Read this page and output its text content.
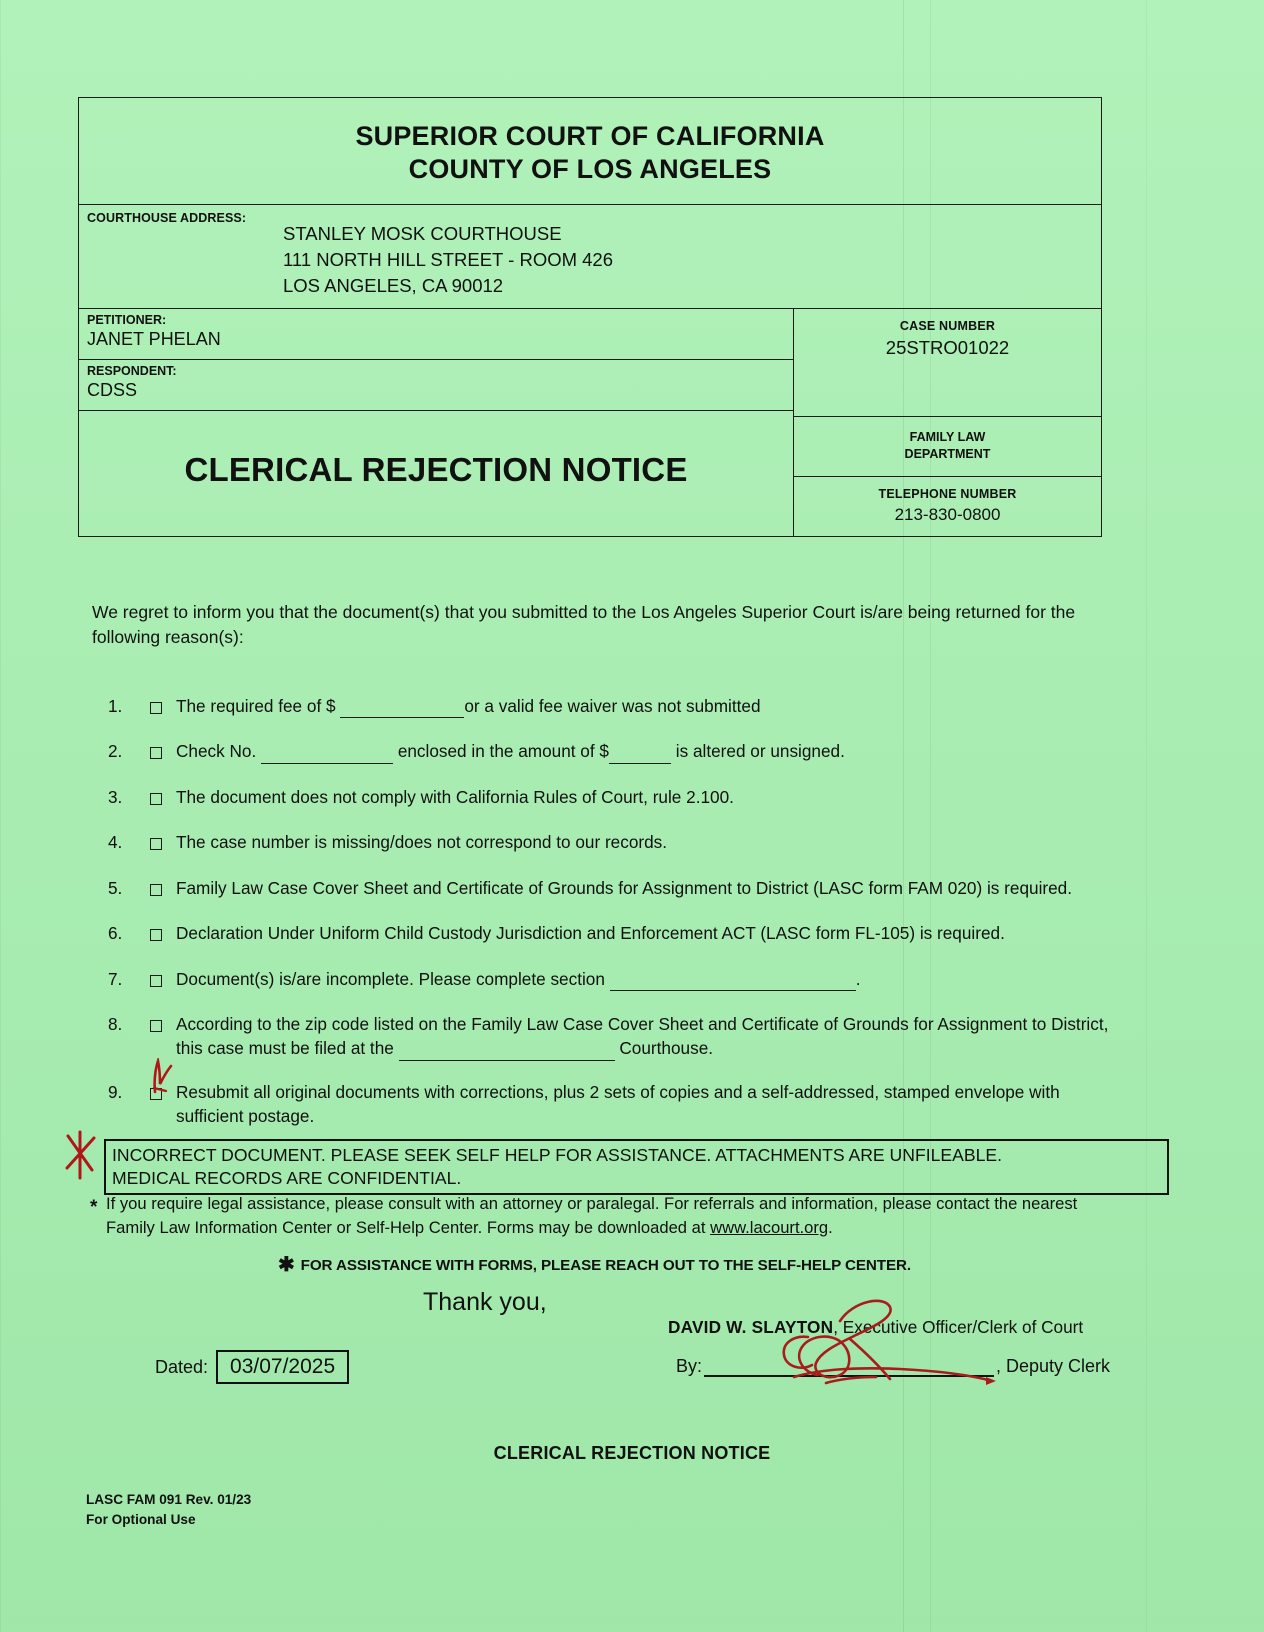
SUPERIOR COURT OF CALIFORNIA
COUNTY OF LOS ANGELES
COURTHOUSE ADDRESS:
STANLEY MOSK COURTHOUSE
111 NORTH HILL STREET - ROOM 426
LOS ANGELES, CA 90012
PETITIONER:
JANET PHELAN
RESPONDENT:
CDSS
CLERICAL REJECTION NOTICE
CASE NUMBER
25STRO01022
FAMILY LAW
DEPARTMENT
TELEPHONE NUMBER
213-830-0800
We regret to inform you that the document(s) that you submitted to the Los Angeles Superior Court is/are being returned for the following reason(s):
1.	The required fee of $	or a valid fee waiver was not submitted
2.	Check No.	enclosed in the amount of $	is altered or unsigned.
3.	The document does not comply with California Rules of Court, rule 2.100.
4.	The case number is missing/does not correspond to our records.
5.	Family Law Case Cover Sheet and Certificate of Grounds for Assignment to District (LASC form FAM 020) is required.
6.	Declaration Under Uniform Child Custody Jurisdiction and Enforcement ACT (LASC form FL-105) is required.
7.	Document(s) is/are incomplete. Please complete section	.
8.	According to the zip code listed on the Family Law Case Cover Sheet and Certificate of Grounds for Assignment to District, this case must be filed at the	Courthouse.
9.	Resubmit all original documents with corrections, plus 2 sets of copies and a self-addressed, stamped envelope with sufficient postage.
INCORRECT DOCUMENT. PLEASE SEEK SELF HELP FOR ASSISTANCE. ATTACHMENTS ARE UNFILEABLE.
MEDICAL RECORDS ARE CONFIDENTIAL.
* If you require legal assistance, please consult with an attorney or paralegal. For referrals and information, please contact the nearest Family Law Information Center or Self-Help Center. Forms may be downloaded at www.lacourt.org.
✱ FOR ASSISTANCE WITH FORMS, PLEASE REACH OUT TO THE SELF-HELP CENTER.
Thank you,
DAVID W. SLAYTON, Executive Officer/Clerk of Court
Dated:	03/07/2025	By:	, Deputy Clerk
CLERICAL REJECTION NOTICE
LASC FAM 091 Rev. 01/23
For Optional Use
